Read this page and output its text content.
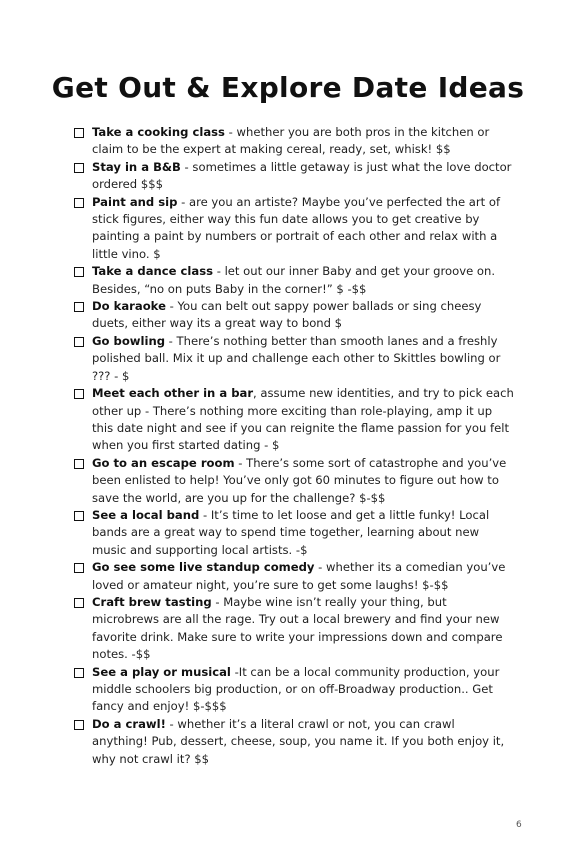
Get Out & Explore Date Ideas
Take a cooking class - whether you are both pros in the kitchen or claim to be the expert at making cereal, ready, set, whisk! $$
Stay in a B&B - sometimes a little getaway is just what the love doctor ordered $$$
Paint and sip - are you an artiste? Maybe you’ve perfected the art of stick figures, either way this fun date allows you to get creative by painting a paint by numbers or portrait of each other and relax with a little vino. $
Take a dance class - let out our inner Baby and get your groove on. Besides, “no on puts Baby in the corner!” $ -$$
Do karaoke - You can belt out sappy power ballads or sing cheesy duets, either way its a great way to bond $
Go bowling - There’s nothing better than smooth lanes and a freshly polished ball. Mix it up and challenge each other to Skittles bowling or ??? - $
Meet each other in a bar, assume new identities, and try to pick each other up - There’s nothing more exciting than role-playing, amp it up this date night and see if you can reignite the flame passion for you felt when you first started dating - $
Go to an escape room - There’s some sort of catastrophe and you’ve been enlisted to help! You’ve only got 60 minutes to figure out how to save the world, are you up for the challenge? $-$$
See a local band - It’s time to let loose and get a little funky! Local bands are a great way to spend time together, learning about new music and supporting local artists. -$
Go see some live standup comedy - whether its a comedian you’ve loved or amateur night, you’re sure to get some laughs! $-$$
Craft brew tasting - Maybe wine isn’t really your thing, but microbrews are all the rage. Try out a local brewery and find your new favorite drink. Make sure to write your impressions down and compare notes. -$$
See a play or musical -It can be a local community production, your middle schoolers big production, or on off-Broadway production.. Get fancy and enjoy! $-$$$
Do a crawl! - whether it’s a literal crawl or not, you can crawl anything! Pub, dessert, cheese, soup, you name it. If you both enjoy it, why not crawl it? $$
6
